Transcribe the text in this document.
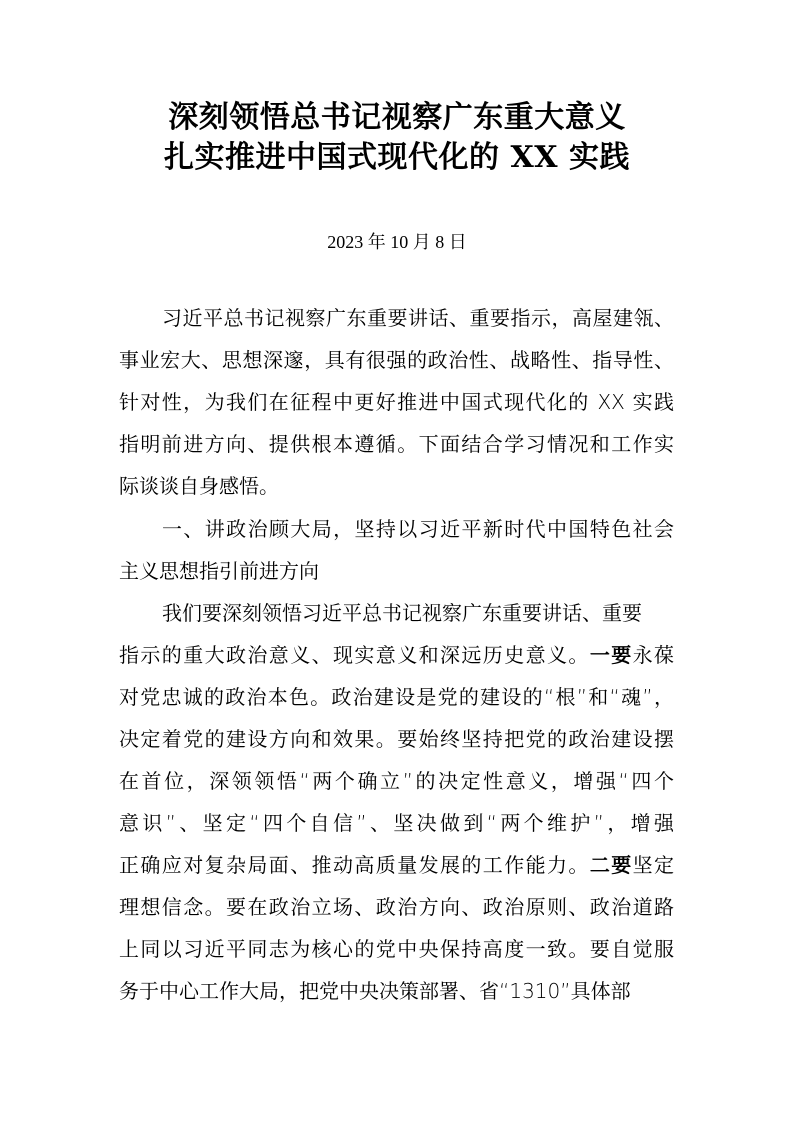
深刻领悟总书记视察广东重大意义
扎实推进中国式现代化的 XX 实践
2023 年 10 月 8 日
习近平总书记视察广东重要讲话、重要指示，高屋建瓴、
事业宏大、思想深邃，具有很强的政治性、战略性、指导性、
针对性，为我们在征程中更好推进中国式现代化的 XX 实践
指明前进方向、提供根本遵循。下面结合学习情况和工作实
际谈谈自身感悟。
一、讲政治顾大局，坚持以习近平新时代中国特色社会
主义思想指引前进方向
我们要深刻领悟习近平总书记视察广东重要讲话、重要
指示的重大政治意义、现实意义和深远历史意义。一要永葆
对党忠诚的政治本色。政治建设是党的建设的“根”和“魂”，
决定着党的建设方向和效果。要始终坚持把党的政治建设摆
在首位，深领领悟“两个确立”的决定性意义，增强“四个
意识”、坚定“四个自信”、坚决做到“两个维护”，增强
正确应对复杂局面、推动高质量发展的工作能力。二要坚定
理想信念。要在政治立场、政治方向、政治原则、政治道路
上同以习近平同志为核心的党中央保持高度一致。要自觉服
务于中心工作大局，把党中央决策部署、省“1310”具体部
